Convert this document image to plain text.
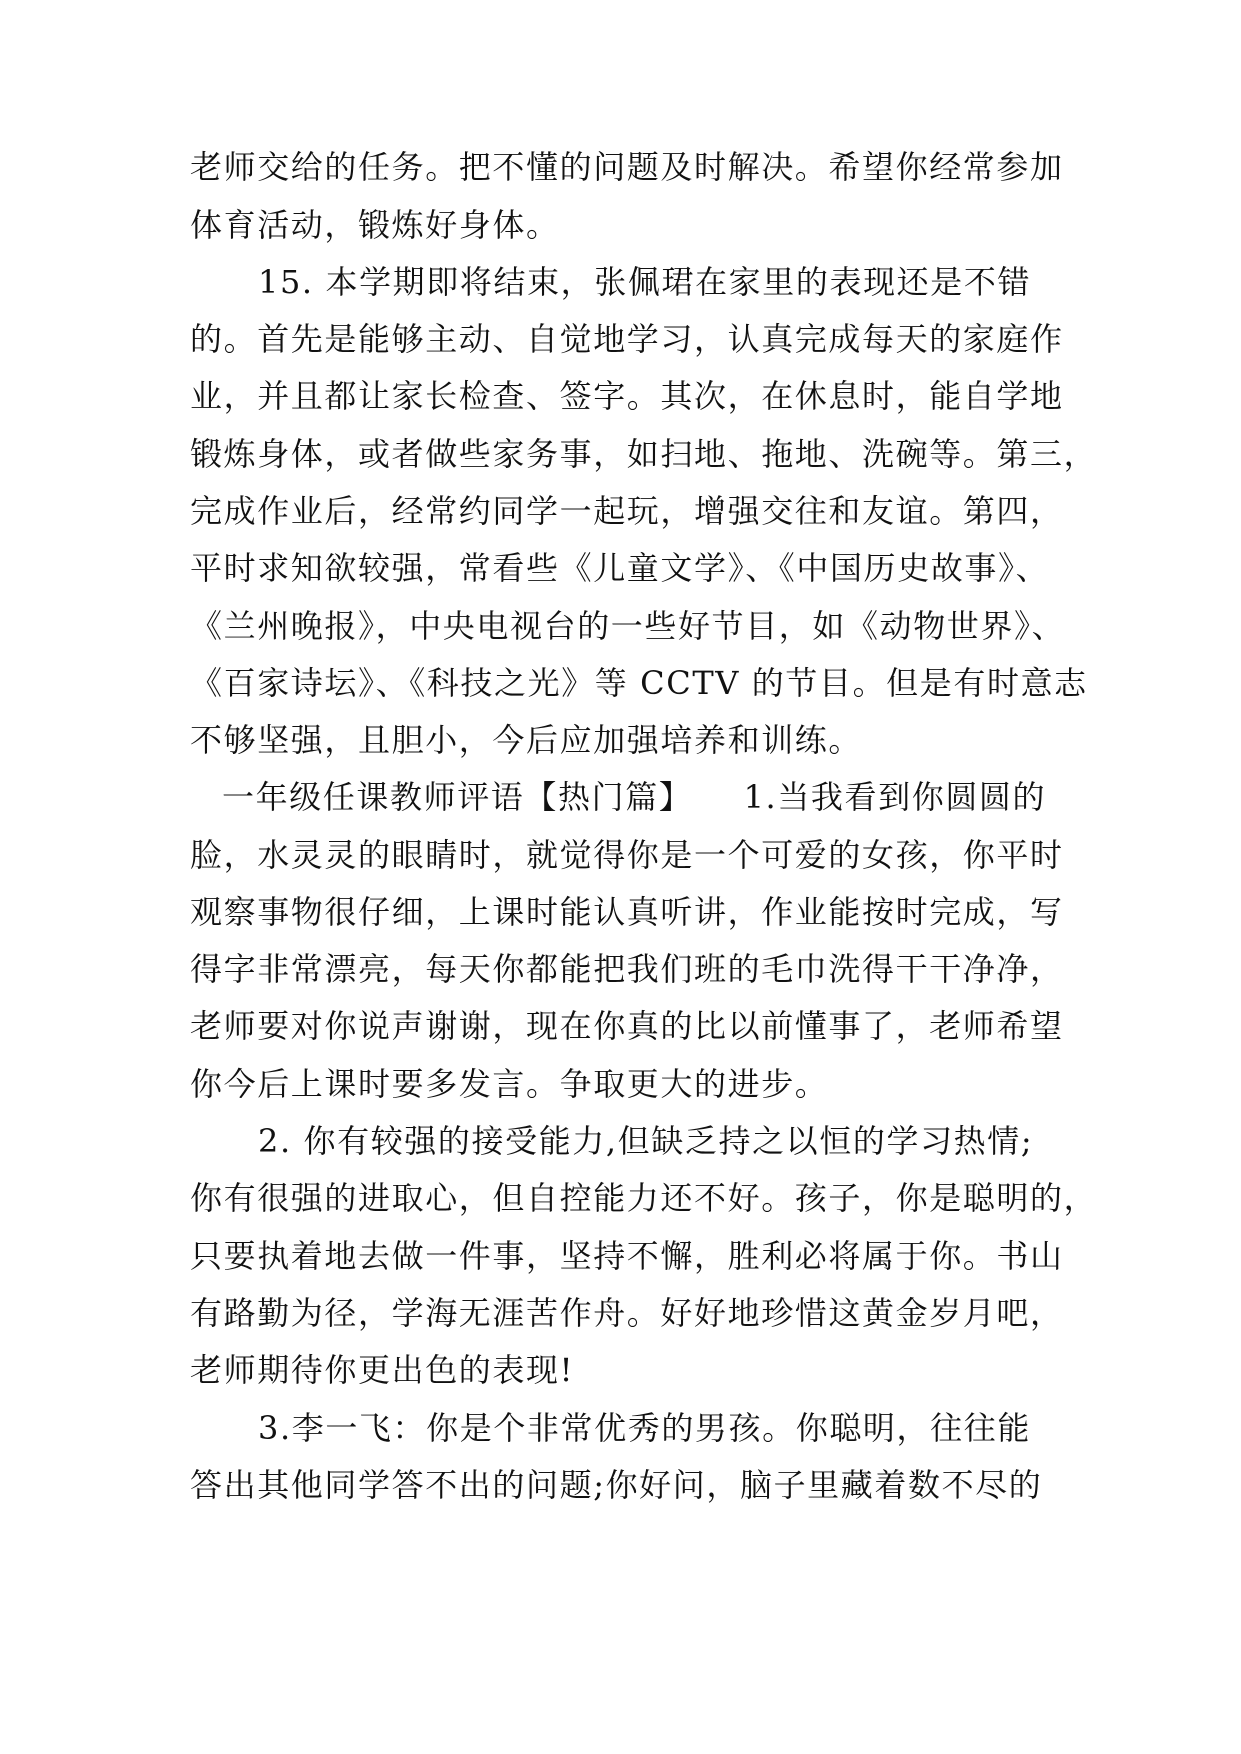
老师交给的任务。把不懂的问题及时解决。希望你经常参加
体育活动，锻炼好身体。
15. 本学期即将结束，张佩珺在家里的表现还是不错
的。首先是能够主动、自觉地学习，认真完成每天的家庭作
业，并且都让家长检查、签字。其次，在休息时，能自学地
锻炼身体，或者做些家务事，如扫地、拖地、洗碗等。第三，
完成作业后，经常约同学一起玩，增强交往和友谊。第四，
平时求知欲较强，常看些《儿童文学》、《中国历史故事》、
《兰州晚报》，中央电视台的一些好节目，如《动物世界》、
《百家诗坛》、《科技之光》等 CCTV 的节目。但是有时意志
不够坚强，且胆小，今后应加强培养和训练。
一年级任课教师评语【热门篇】　　1.当我看到你圆圆的
脸，水灵灵的眼睛时，就觉得你是一个可爱的女孩，你平时
观察事物很仔细，上课时能认真听讲，作业能按时完成，写
得字非常漂亮，每天你都能把我们班的毛巾洗得干干净净，
老师要对你说声谢谢，现在你真的比以前懂事了，老师希望
你今后上课时要多发言。争取更大的进步。
2. 你有较强的接受能力,但缺乏持之以恒的学习热情;
你有很强的进取心，但自控能力还不好。孩子，你是聪明的，
只要执着地去做一件事，坚持不懈，胜利必将属于你。书山
有路勤为径，学海无涯苦作舟。好好地珍惜这黄金岁月吧，
老师期待你更出色的表现!
3.李一飞：你是个非常优秀的男孩。你聪明，往往能
答出其他同学答不出的问题;你好问，脑子里藏着数不尽的
